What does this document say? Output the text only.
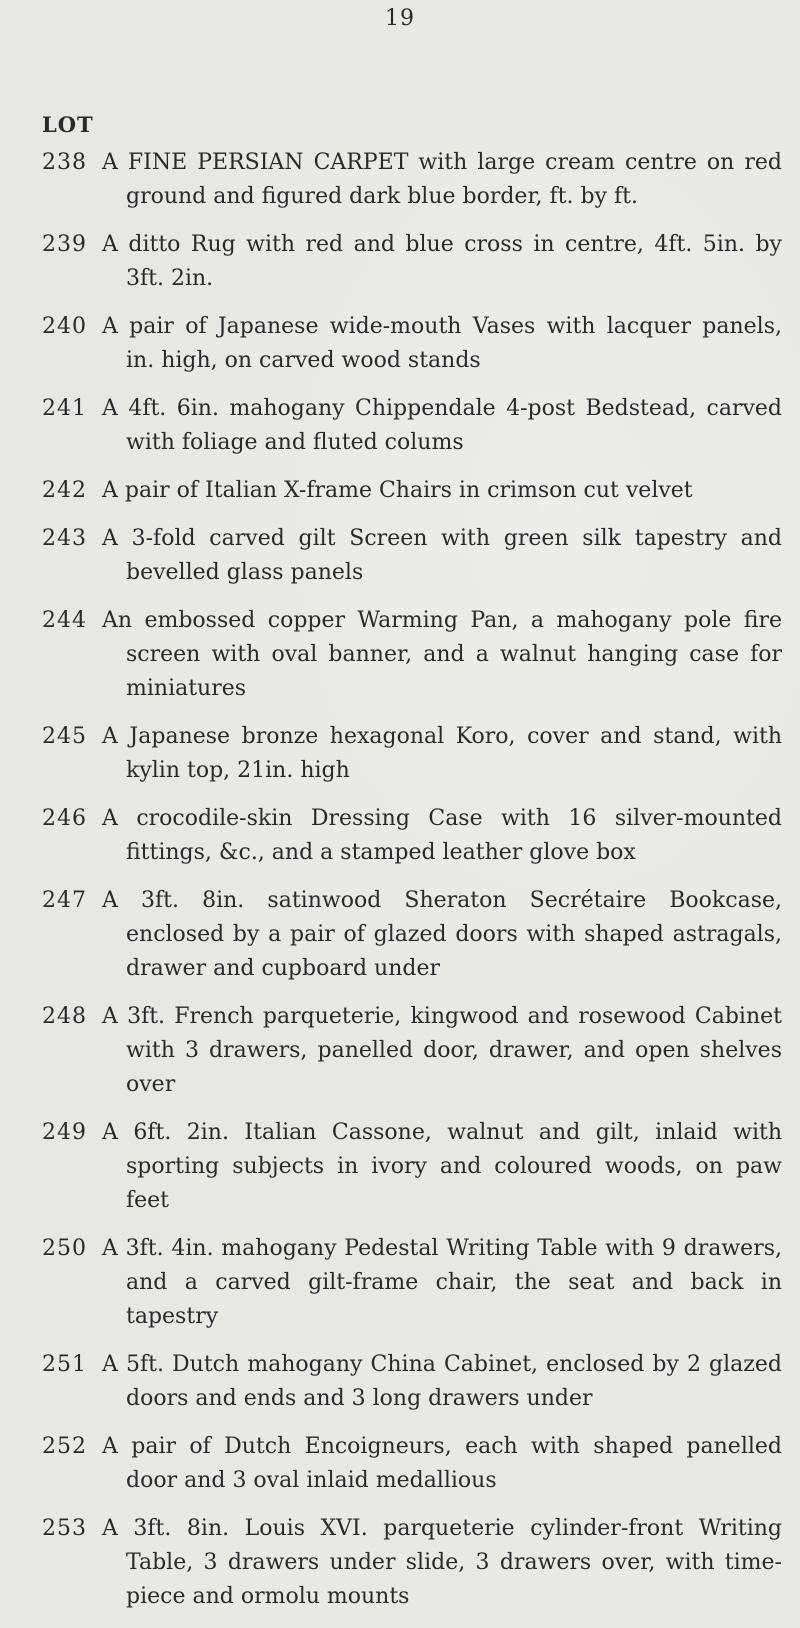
19
LOT
238 A FINE PERSIAN CARPET with large cream centre on red ground and figured dark blue border, ft. by ft.
239 A ditto Rug with red and blue cross in centre, 4ft. 5in. by 3ft. 2in.
240 A pair of Japanese wide-mouth Vases with lacquer panels, in. high, on carved wood stands
241 A 4ft. 6in. mahogany Chippendale 4-post Bedstead, carved with foliage and fluted colums
242 A pair of Italian X-frame Chairs in crimson cut velvet
243 A 3-fold carved gilt Screen with green silk tapestry and bevelled glass panels
244 An embossed copper Warming Pan, a mahogany pole fire screen with oval banner, and a walnut hanging case for miniatures
245 A Japanese bronze hexagonal Koro, cover and stand, with kylin top, 21in. high
246 A crocodile-skin Dressing Case with 16 silver-mounted fittings, &c., and a stamped leather glove box
247 A 3ft. 8in. satinwood Sheraton Secrétaire Bookcase, enclosed by a pair of glazed doors with shaped astragals, drawer and cupboard under
248 A 3ft. French parqueterie, kingwood and rosewood Cabinet with 3 drawers, panelled door, drawer, and open shelves over
249 A 6ft. 2in. Italian Cassone, walnut and gilt, inlaid with sporting subjects in ivory and coloured woods, on paw feet
250 A 3ft. 4in. mahogany Pedestal Writing Table with 9 drawers, and a carved gilt-frame chair, the seat and back in tapestry
251 A 5ft. Dutch mahogany China Cabinet, enclosed by 2 glazed doors and ends and 3 long drawers under
252 A pair of Dutch Encoigneurs, each with shaped panelled door and 3 oval inlaid medallious
253 A 3ft. 8in. Louis XVI. parqueterie cylinder-front Writing Table, 3 drawers under slide, 3 drawers over, with time-piece and ormolu mounts
